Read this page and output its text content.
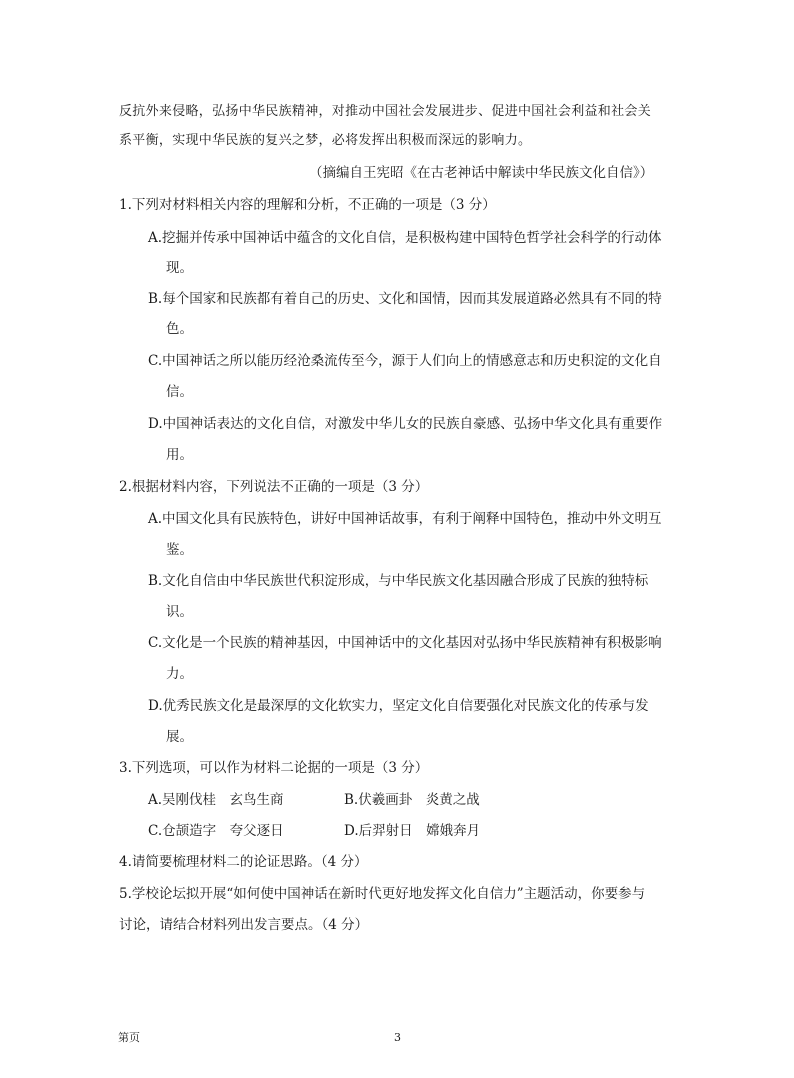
反抗外来侵略，弘扬中华民族精神，对推动中国社会发展进步、促进中国社会利益和社会关
系平衡，实现中华民族的复兴之梦，必将发挥出积极而深远的影响力。
（摘编自王宪昭《在古老神话中解读中华民族文化自信》）
1.下列对材料相关内容的理解和分析，不正确的一项是（3 分）
A.挖掘并传承中国神话中蕴含的文化自信，是积极构建中国特色哲学社会科学的行动体
现。
B.每个国家和民族都有着自己的历史、文化和国情，因而其发展道路必然具有不同的特
色。
C.中国神话之所以能历经沧桑流传至今，源于人们向上的情感意志和历史积淀的文化自
信。
D.中国神话表达的文化自信，对激发中华儿女的民族自豪感、弘扬中华文化具有重要作
用。
2.根据材料内容，下列说法不正确的一项是（3 分）
A.中国文化具有民族特色，讲好中国神话故事，有利于阐释中国特色，推动中外文明互
鉴。
B.文化自信由中华民族世代积淀形成，与中华民族文化基因融合形成了民族的独特标
识。
C.文化是一个民族的精神基因，中国神话中的文化基因对弘扬中华民族精神有积极影响
力。
D.优秀民族文化是最深厚的文化软实力，坚定文化自信要强化对民族文化的传承与发
展。
3.下列选项，可以作为材料二论据的一项是（3 分）
A.吴刚伐桂　玄鸟生商	B.伏羲画卦　炎黄之战
C.仓颉造字　夸父逐日	D.后羿射日　嫦娥奔月
4.请简要梳理材料二的论证思路。（4 分）
5.学校论坛拟开展“如何使中国神话在新时代更好地发挥文化自信力”主题活动，你要参与
讨论，请结合材料列出发言要点。（4 分）
第页	3
